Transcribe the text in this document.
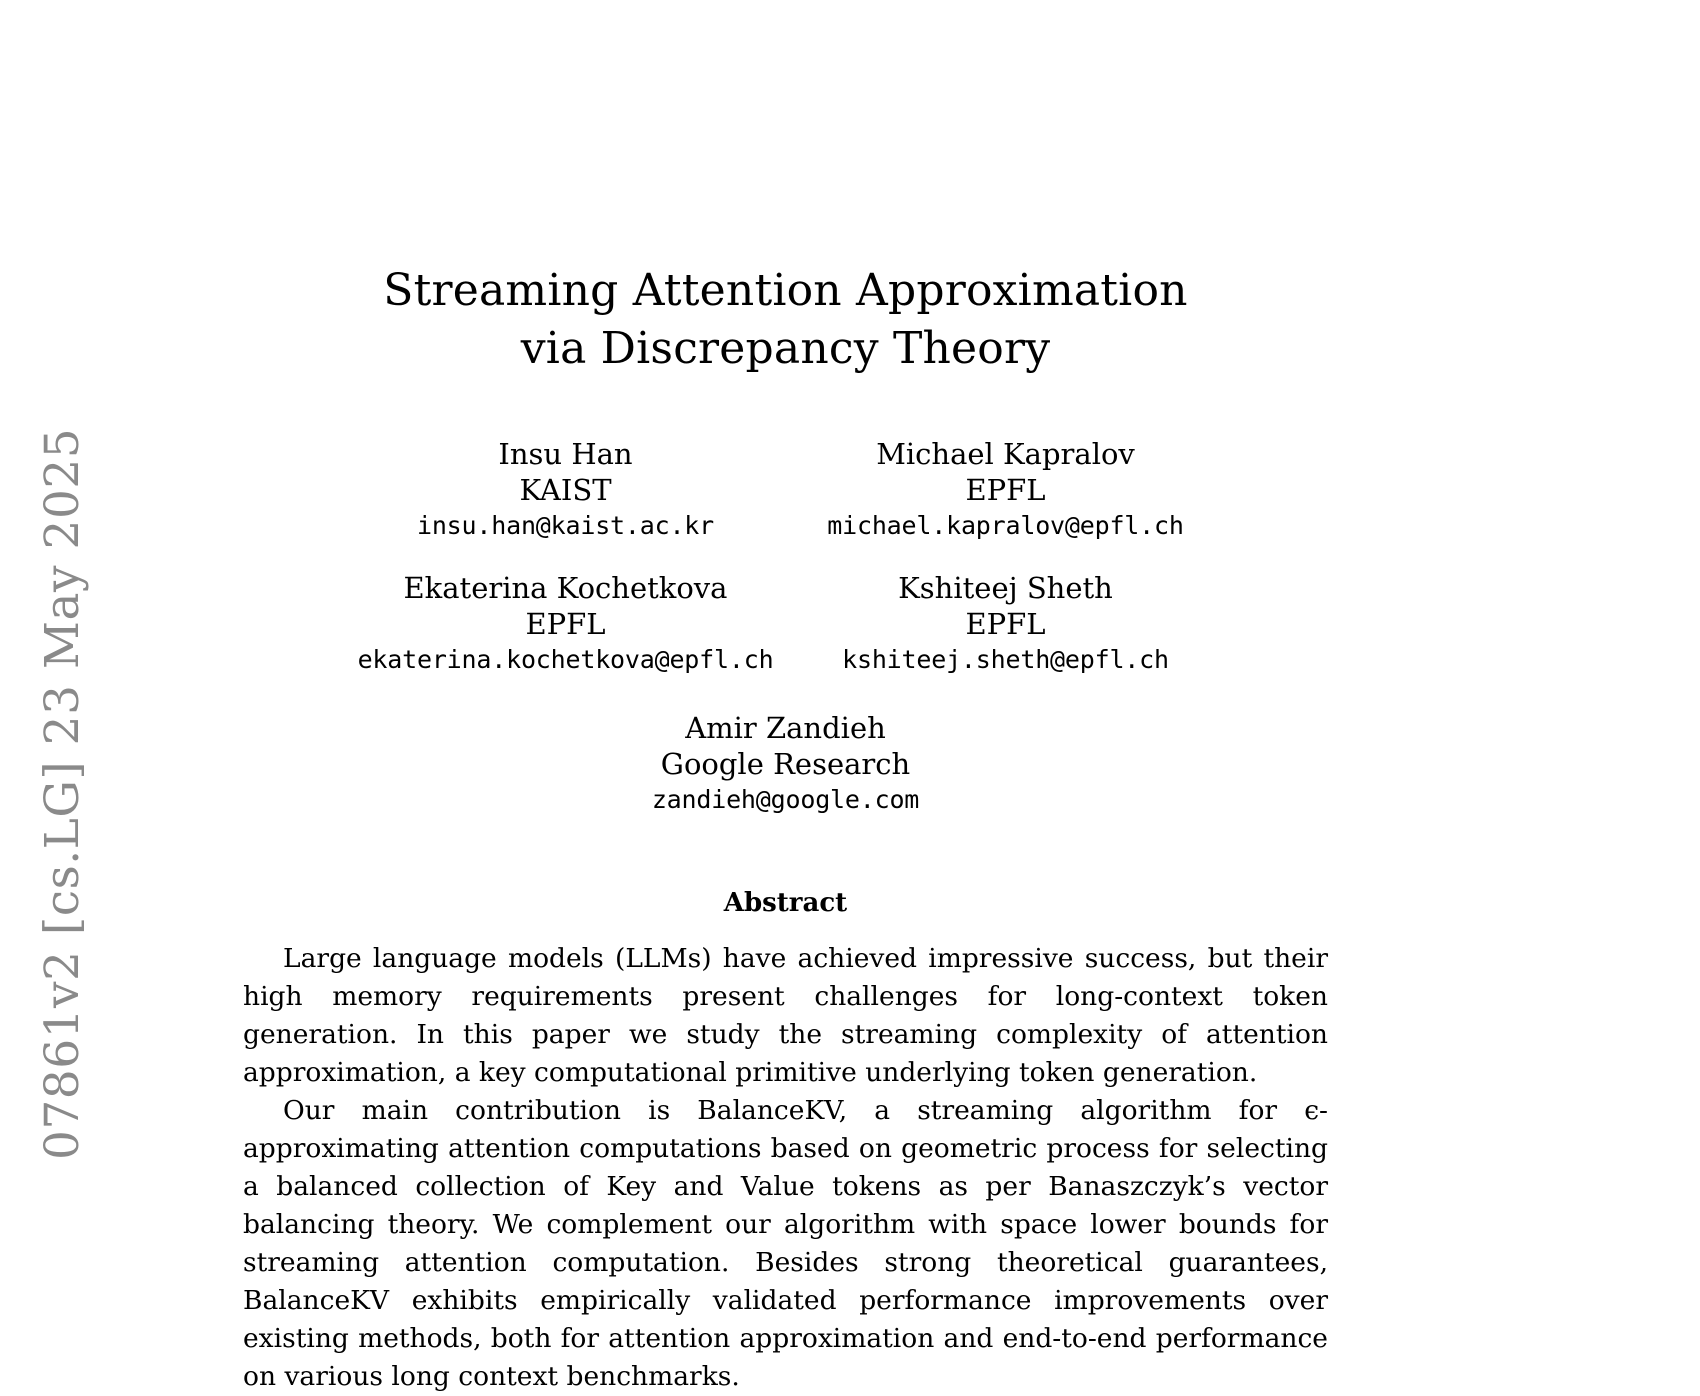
07861v2 [cs.LG] 23 May 2025
Streaming Attention Approximation
via Discrepancy Theory
Insu Han
KAIST
insu.han@kaist.ac.kr
Michael Kapralov
EPFL
michael.kapralov@epfl.ch
Ekaterina Kochetkova
EPFL
ekaterina.kochetkova@epfl.ch
Kshiteej Sheth
EPFL
kshiteej.sheth@epfl.ch
Amir Zandieh
Google Research
zandieh@google.com
Abstract

Large language models (LLMs) have achieved impressive success, but their high memory requirements present challenges for long-context token generation. In this paper we study the streaming complexity of attention approximation, a key computational primitive underlying token generation.

Our main contribution is BalanceKV, a streaming algorithm for ϵ-approximating attention computations based on geometric process for selecting a balanced collection of Key and Value tokens as per Banaszczyk’s vector balancing theory. We complement our algorithm with space lower bounds for streaming attention computation. Besides strong theoretical guarantees, BalanceKV exhibits empirically validated performance improvements over existing methods, both for attention approximation and end-to-end performance on various long context benchmarks.
